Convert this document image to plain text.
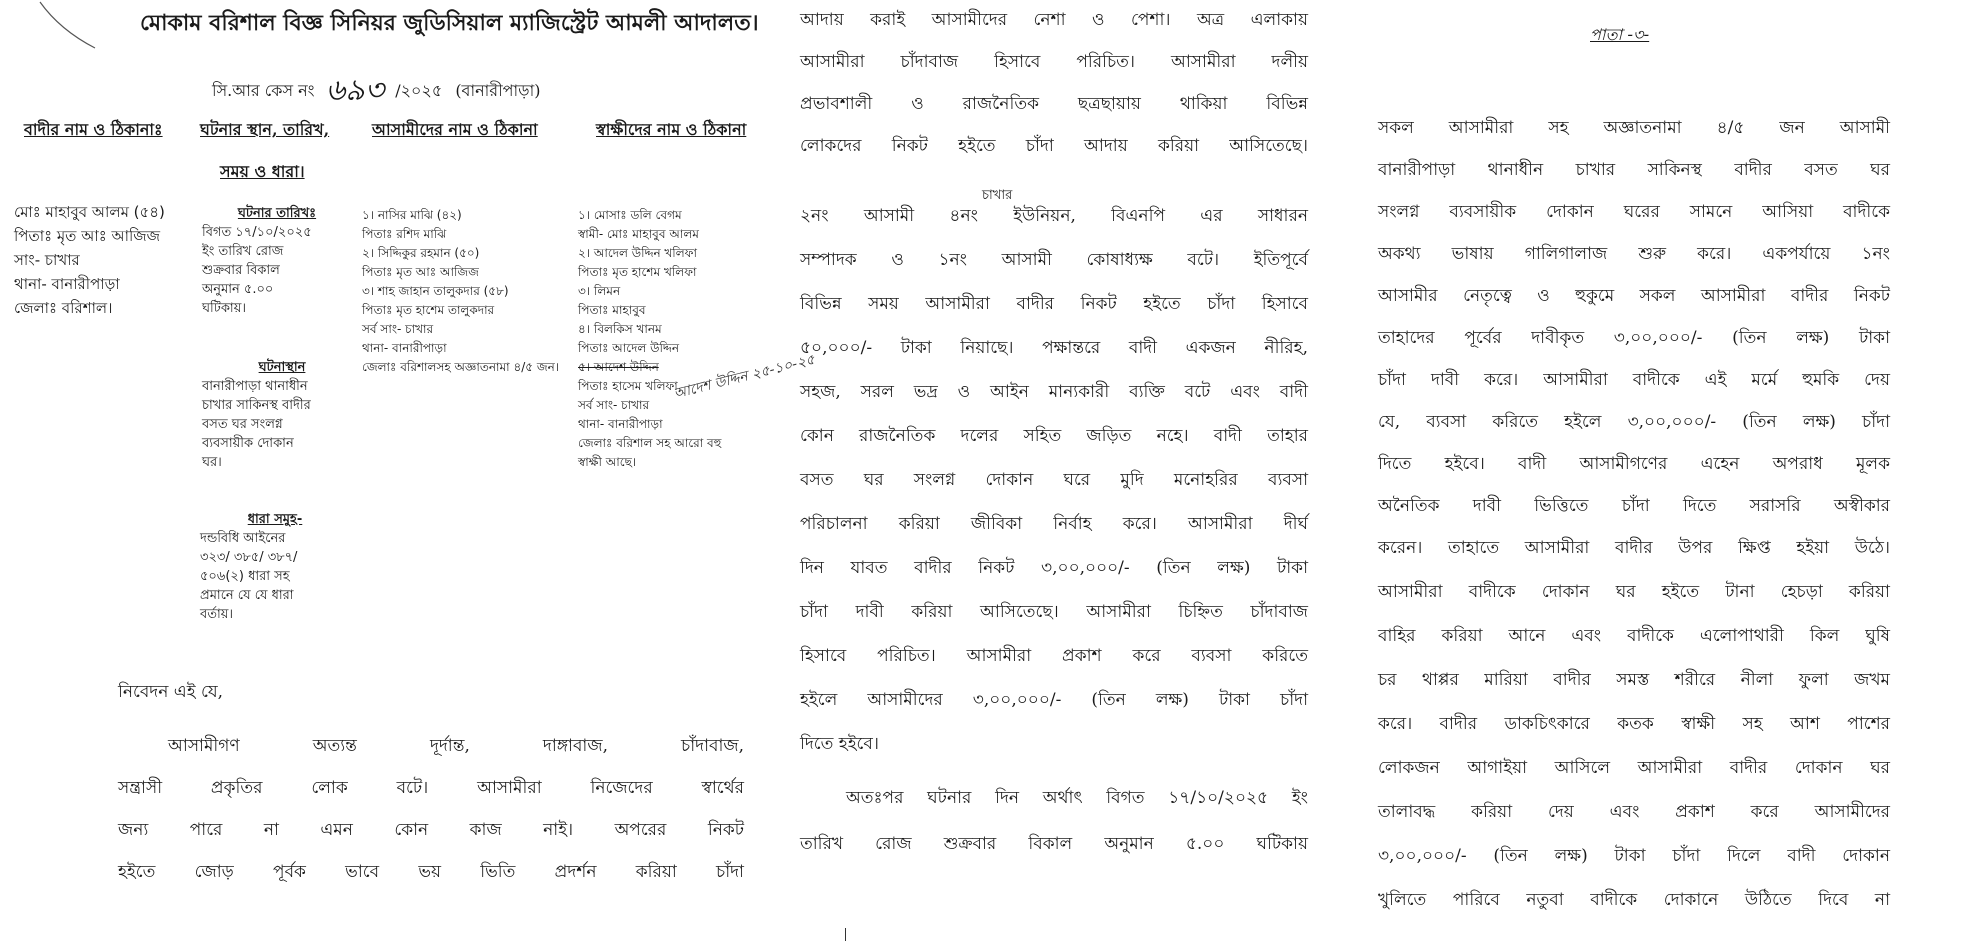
মোকাম বরিশাল বিজ্ঞ সিনিয়র জুডিসিয়াল ম্যাজিস্ট্রেট আমলী আদালত।
সি.আর কেস নং ৬৯৩ /২০২৫ (বানারীপাড়া)
পাতা -৩-
বাদীর নাম ও ঠিকানাঃ ঘটনার স্থান, তারিখ,
সময় ও ধারা।
আসামীদের নাম ও ঠিকানা	স্বাক্ষীদের নাম ও ঠিকানা

মোঃ মাহাবুব আলম (৫৪)

পিতাঃ মৃত আঃ আজিজ

সাং- চাখার

থানা- বানারীপাড়া

জেলাঃ বরিশাল।

ঘটনার তারিখঃ

বিগত ১৭/১০/২০২৫

ইং তারিখ রোজ

শুক্রবার বিকাল

অনুমান ৫.০০

ঘটিকায়।

ঘটনাস্থান

বানারীপাড়া থানাধীন

চাখার সাকিনস্থ বাদীর

বসত ঘর সংলগ্ন

ব্যবসায়ীক দোকান

ঘর।

ধারা সমুহ-

দন্ডবিধি আইনের

৩২৩/ ৩৮৫/ ৩৮৭/

৫০৬(২) ধারা সহ

প্রমানে যে যে ধারা

বর্তায়।

১। নাসির মাঝি (৪২)

পিতাঃ রশিদ মাঝি

২। সিদ্দিকুর রহমান (৫০)

পিতাঃ মৃত আঃ আজিজ

৩। শাহ জাহান তালুকদার (৫৮)

পিতাঃ মৃত হাশেম তালুকদার

সর্ব সাং- চাখার

থানা- বানারীপাড়া

জেলাঃ বরিশালসহ অজ্ঞাতনামা ৪/৫ জন।

১। মোসাঃ ডলি বেগম

স্বামী- মোঃ মাহাবুব আলম

২। আদেল উদ্দিন খলিফা

পিতাঃ মৃত হাশেম খলিফা

৩। লিমন

পিতাঃ মাহাবুব

৪। বিলকিস খানম

পিতাঃ আদেল উদ্দিন

৫। আদেশ উদ্দিন

পিতাঃ হাসেম খলিফা

সর্ব সাং- চাখার

থানা- বানারীপাড়া

জেলাঃ বরিশাল সহ আরো বহু

স্বাক্ষী আছে।

আদেশ উদ্দিন ২৫-১০-২৫
চাখার

নিবেদন এই যে,

আসামীগণ অত্যন্ত দূর্দান্ত, দাঙ্গাবাজ, চাঁদাবাজ,

সন্ত্রাসী প্রকৃতির লোক বটে। আসামীরা নিজেদের স্বার্থের

জন্য পারে না এমন কোন কাজ নাই। অপরের নিকট

হইতে জোড় পূর্বক ভাবে ভয় ভিতি প্রদর্শন করিয়া চাঁদা

আদায় করাই আসামীদের নেশা ও পেশা। অত্র এলাকায়

আসামীরা চাঁদাবাজ হিসাবে পরিচিত। আসামীরা দলীয়

প্রভাবশালী ও রাজনৈতিক ছত্রছায়ায় থাকিয়া বিভিন্ন

লোকদের নিকট হইতে চাঁদা আদায় করিয়া আসিতেছে।

২নং আসামী ৪নং ইউনিয়ন, বিএনপি এর সাধারন

সম্পাদক ও ১নং আসামী কোষাধ্যক্ষ বটে। ইতিপূর্বে

বিভিন্ন সময় আসামীরা বাদীর নিকট হইতে চাঁদা হিসাবে

৫০,০০০/- টাকা নিয়াছে। পক্ষান্তরে বাদী একজন নীরিহ,

সহজ, সরল ভদ্র ও আইন মান্যকারী ব্যক্তি বটে এবং বাদী

কোন রাজনৈতিক দলের সহিত জড়িত নহে। বাদী তাহার

বসত ঘর সংলগ্ন দোকান ঘরে মুদি মনোহরির ব্যবসা

পরিচালনা করিয়া জীবিকা নির্বাহ করে। আসামীরা দীর্ঘ

দিন যাবত বাদীর নিকট ৩,০০,০০০/- (তিন লক্ষ) টাকা

চাঁদা দাবী করিয়া আসিতেছে। আসামীরা চিহ্নিত চাঁদাবাজ

হিসাবে পরিচিত। আসামীরা প্রকাশ করে ব্যবসা করিতে

হইলে আসামীদের ৩,০০,০০০/- (তিন লক্ষ) টাকা চাঁদা

দিতে হইবে।

অতঃপর ঘটনার দিন অর্থাৎ বিগত ১৭/১০/২০২৫ ইং

তারিখ রোজ শুক্রবার বিকাল অনুমান ৫.০০ ঘটিকায়

সকল আসামীরা সহ অজ্ঞাতনামা ৪/৫ জন আসামী

বানারীপাড়া থানাধীন চাখার সাকিনস্থ বাদীর বসত ঘর

সংলগ্ন ব্যবসায়ীক দোকান ঘরের সামনে আসিয়া বাদীকে

অকথ্য ভাষায় গালিগালাজ শুরু করে। একপর্যায়ে ১নং

আসামীর নেতৃত্বে ও হুকুমে সকল আসামীরা বাদীর নিকট

তাহাদের পূর্বের দাবীকৃত ৩,০০,০০০/- (তিন লক্ষ) টাকা

চাঁদা দাবী করে। আসামীরা বাদীকে এই মর্মে হুমকি দেয়

যে, ব্যবসা করিতে হইলে ৩,০০,০০০/- (তিন লক্ষ) চাঁদা

দিতে হইবে। বাদী আসামীগণের এহেন অপরাধ মূলক

অনৈতিক দাবী ভিত্তিতে চাঁদা দিতে সরাসরি অস্বীকার

করেন। তাহাতে আসামীরা বাদীর উপর ক্ষিপ্ত হইয়া উঠে।

আসামীরা বাদীকে দোকান ঘর হইতে টানা হেচড়া করিয়া

বাহির করিয়া আনে এবং বাদীকে এলোপাথারী কিল ঘুষি

চর থাপ্পর মারিয়া বাদীর সমস্ত শরীরে নীলা ফুলা জখম

করে। বাদীর ডাকচিৎকারে কতক স্বাক্ষী সহ আশ পাশের

লোকজন আগাইয়া আসিলে আসামীরা বাদীর দোকান ঘর

তালাবদ্ধ করিয়া দেয় এবং প্রকাশ করে আসামীদের

৩,০০,০০০/- (তিন লক্ষ) টাকা চাঁদা দিলে বাদী দোকান

খুলিতে পারিবে নতুবা বাদীকে দোকানে উঠিতে দিবে না
